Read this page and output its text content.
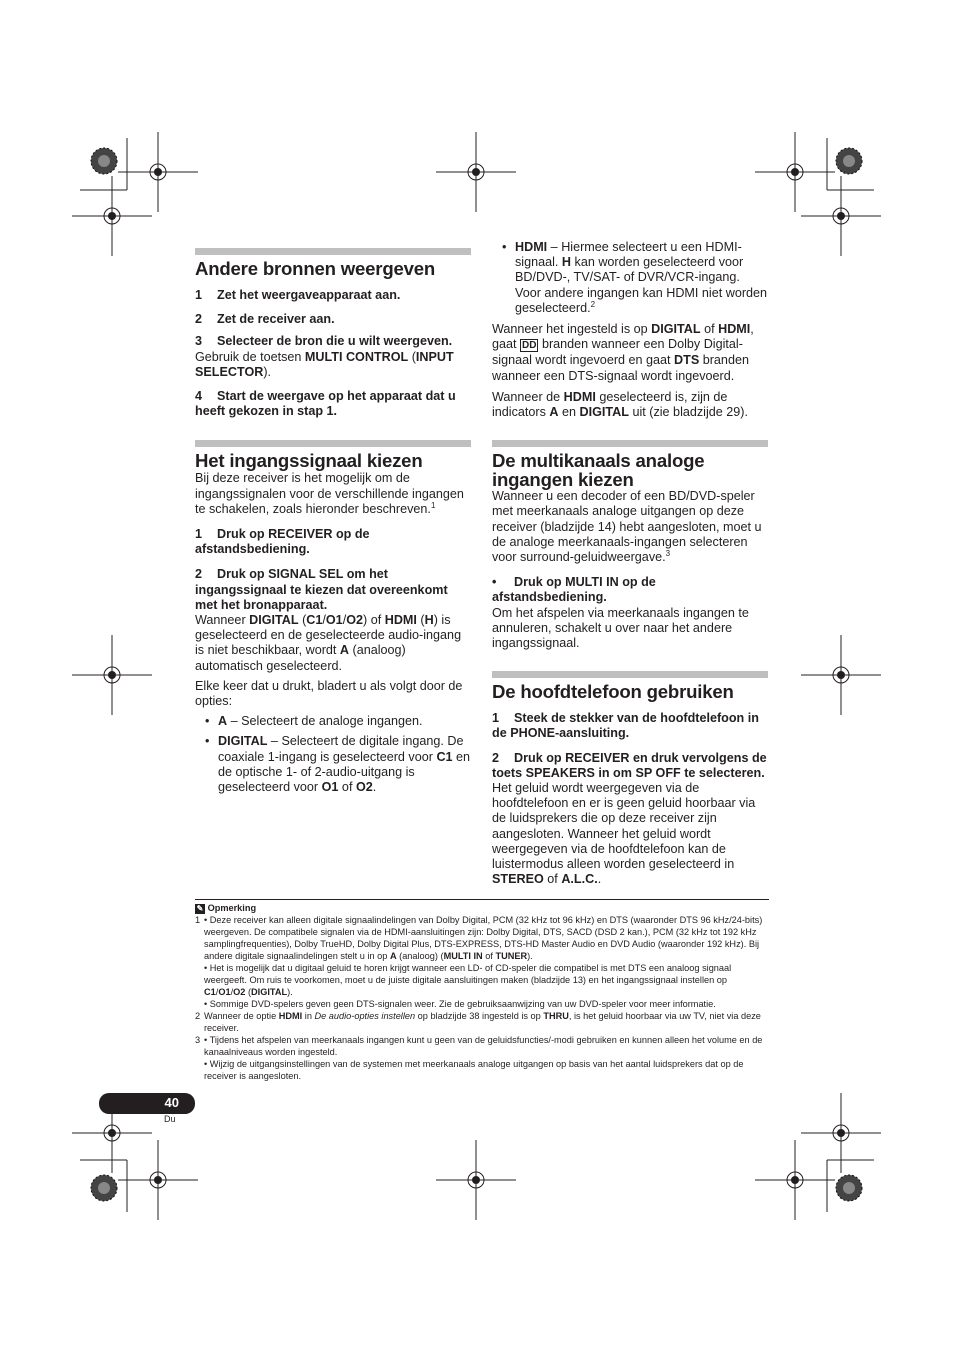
Andere bronnen weergeven

1 Zet het weergaveapparaat aan.

2 Zet de receiver aan.

3 Selecteer de bron die u wilt weergeven.

Gebruik de toetsen MULTI CONTROL (INPUT SELECTOR).

4 Start de weergave op het apparaat dat u heeft gekozen in stap 1.

Het ingangssignaal kiezen

Bij deze receiver is het mogelijk om de ingangssignalen voor de verschillende ingangen te schakelen, zoals hieronder beschreven.$^1$

1 Druk op RECEIVER op de afstandsbediening.

2 Druk op SIGNAL SEL om het ingangssignaal te kiezen dat overeenkomt met het bronapparaat.

Wanneer DIGITAL (C1/O1/O2) of HDMI (H) is geselecteerd en de geselecteerde audio-ingang is niet beschikbaar, wordt A (analoog) automatisch geselecteerd.

Elke keer dat u drukt, bladert u als volgt door de opties:

• A – Selecteert de analoge ingangen.
• DIGITAL – Selecteert de digitale ingang. De coaxiale 1-ingang is geselecteerd voor C1 en de optische 1- of 2-audio-uitgang is geselecteerd voor O1 of O2.
• HDMI – Hiermee selecteert u een HDMI-signaal. H kan worden geselecteerd voor BD/DVD-, TV/SAT- of DVR/VCR-ingang. Voor andere ingangen kan HDMI niet worden geselecteerd.$^2$

Wanneer het ingesteld is op DIGITAL of HDMI, gaat DD branden wanneer een Dolby Digital-signaal wordt ingevoerd en gaat DTS branden wanneer een DTS-signaal wordt ingevoerd.

Wanneer de HDMI geselecteerd is, zijn de indicators A en DIGITAL uit (zie bladzijde 29).

De multikanaals analoge ingangen kiezen

Wanneer u een decoder of een BD/DVD-speler met meerkanaals analoge uitgangen op deze receiver (bladzijde 14) hebt aangesloten, moet u de analoge meerkanaals-ingangen selecteren voor surround-geluidweergave.$^3$

• Druk op MULTI IN op de afstandsbediening.

Om het afspelen via meerkanaals ingangen te annuleren, schakelt u over naar het andere ingangssignaal.

De hoofdtelefoon gebruiken

1 Steek de stekker van de hoofdtelefoon in de PHONE-aansluiting.

2 Druk op RECEIVER en druk vervolgens de toets SPEAKERS in om SP OFF te selecteren.

Het geluid wordt weergegeven via de hoofdtelefoon en er is geen geluid hoorbaar via de luidsprekers die op deze receiver zijn aangesloten. Wanneer het geluid wordt weergegeven via de hoofdtelefoon kan de luistermodus alleen worden geselecteerd in STEREO of A.L.C..

✎ Opmerking
1 • Deze receiver kan alleen digitale signaalindelingen van Dolby Digital, PCM (32 kHz tot 96 kHz) en DTS (waaronder DTS 96 kHz/24-bits) weergeven. De compatibele signalen via de HDMI-aansluitingen zijn: Dolby Digital, DTS, SACD (DSD 2 kan.), PCM (32 kHz tot 192 kHz samplingfrequenties), Dolby TrueHD, Dolby Digital Plus, DTS-EXPRESS, DTS-HD Master Audio en DVD Audio (waaronder 192 kHz). Bij andere digitale signaalindelingen stelt u in op A (analoog) (MULTI IN of TUNER).
• Het is mogelijk dat u digitaal geluid te horen krijgt wanneer een LD- of CD-speler die compatibel is met DTS een analoog signaal weergeeft. Om ruis te voorkomen, moet u de juiste digitale aansluitingen maken (bladzijde 13) en het ingangssignaal instellen op C1/O1/O2 (DIGITAL).
• Sommige DVD-spelers geven geen DTS-signalen weer. Zie de gebruiksaanwijzing van uw DVD-speler voor meer informatie.
2 Wanneer de optie HDMI in De audio-opties instellen op bladzijde 38 ingesteld is op THRU, is het geluid hoorbaar via uw TV, niet via deze receiver.
3 • Tijdens het afspelen van meerkanaals ingangen kunt u geen van de geluidsfuncties/-modi gebruiken en kunnen alleen het volume en de kanaalniveaus worden ingesteld.
• Wijzig de uitgangsinstellingen van de systemen met meerkanaals analoge uitgangen op basis van het aantal luidsprekers dat op de receiver is aangesloten.
40
Du
